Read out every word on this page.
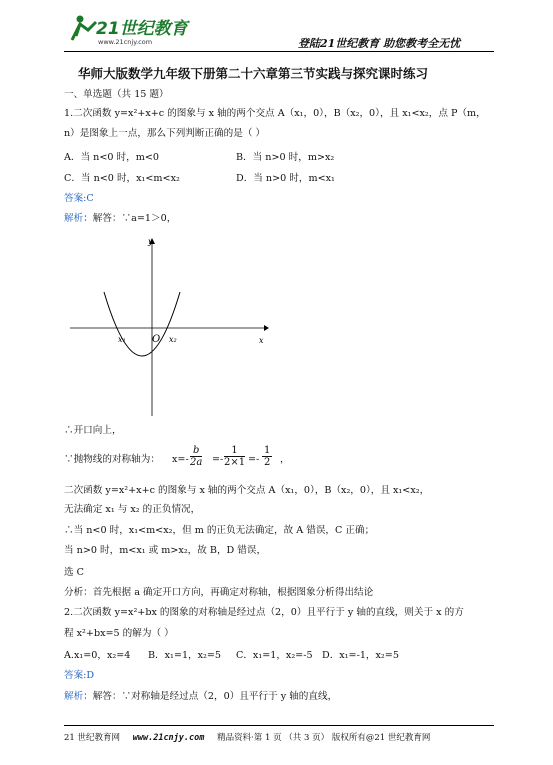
21世纪教育
www.21cnjy.com	登陆21世纪教育 助您教考全无忧
华师大版数学九年级下册第二十六章第三节实践与探究课时练习
一、单选题（共 15 题）
1.二次函数 y=x²+x+c 的图象与 x 轴的两个交点 A（x₁，0），B（x₂，0），且 x₁<x₂，点 P（m，
n）是图象上一点，那么下列判断正确的是（ ）
A．当 n<0 时，m<0	B．当 n>0 时，m>x₂
C．当 n<0 时，x₁<m<x₂	D．当 n>0 时，m<x₁
答案:C
解析：解答：∵a=1＞0，
y
x
O
x₁	x₂
∴开口向上，
∵抛物线的对称轴为： $x=- \frac{b}{2a} =- \frac{1}{2\times 1} =- \frac{1}{2}$ ，
二次函数 y=x²+x+c 的图象与 x 轴的两个交点 A（x₁，0），B（x₂，0），且 x₁<x₂，
无法确定 x₁ 与 x₂ 的正负情况，
∴当 n<0 时，x₁<m<x₂，但 m 的正负无法确定，故 A 错误，C 正确；
当 n>0 时，m<x₁ 或 m>x₂，故 B，D 错误，
选 C
分析：首先根据 a 确定开口方向，再确定对称轴，根据图象分析得出结论
2.二次函数 y=x²+bx 的图象的对称轴是经过点（2，0）且平行于 y 轴的直线，则关于 x 的方
程 x²+bx=5 的解为（ ）
A.x₁=0，x₂=4 B．x₁=1，x₂=5 C．x₁=1，x₂=-5 D．x₁=-1，x₂=5
答案:D
解析：解答：∵对称轴是经过点（2，0）且平行于 y 轴的直线，
21 世纪教育网 www.21cnjy.com 精品资料·第 1 页 （共 3 页） 版权所有@21 世纪教育网
